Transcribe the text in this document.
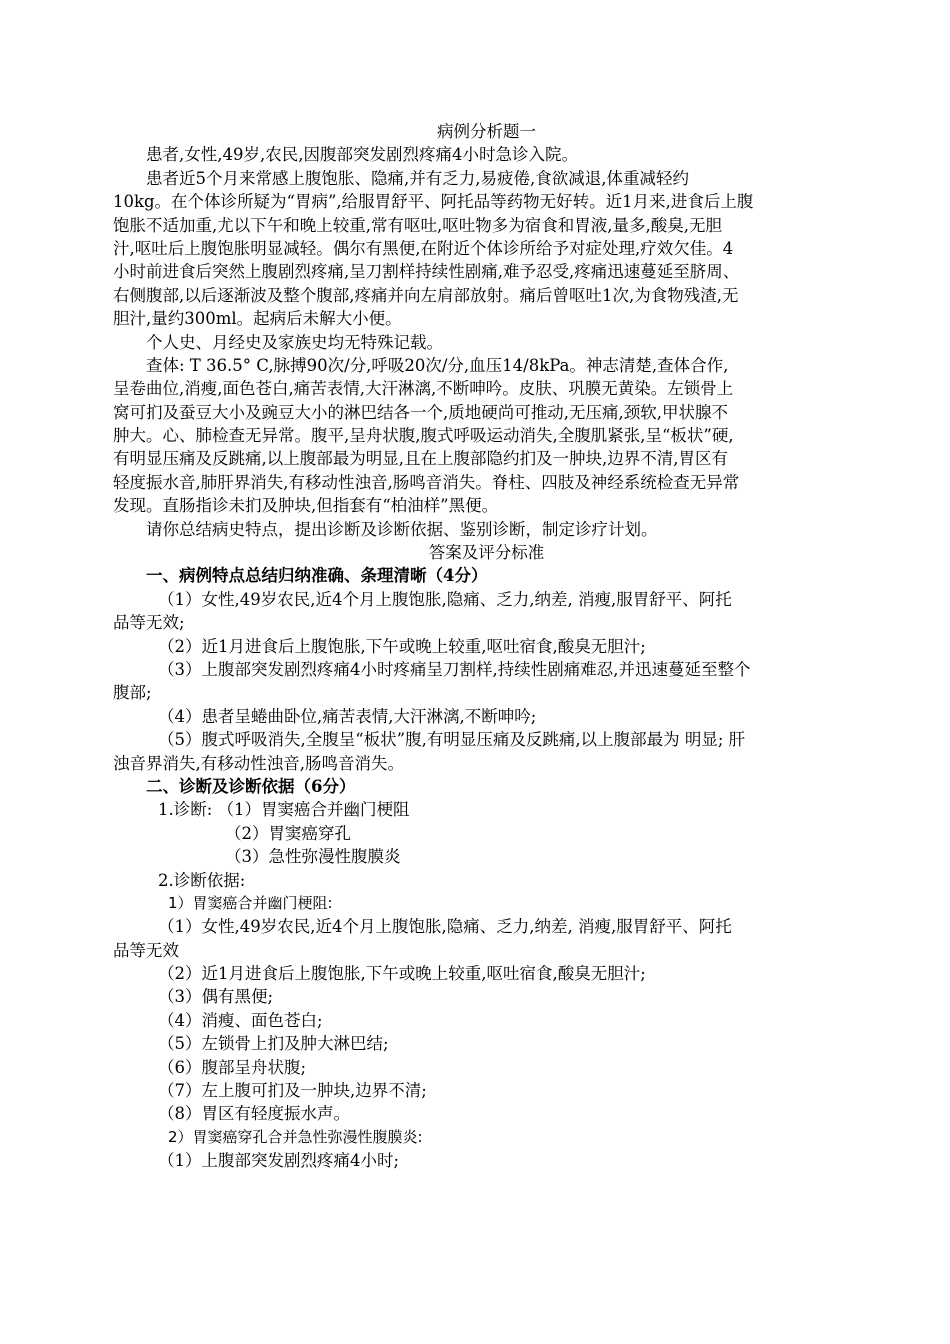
病例分析题一
患者,女性,49岁,农民,因腹部突发剧烈疼痛4小时急诊入院。
患者近5个月来常感上腹饱胀、隐痛,并有乏力,易疲倦,食欲减退,体重减轻约
10kg。在个体诊所疑为“胃病”,给服胃舒平、阿托品等药物无好转。近1月来,进食后上腹
饱胀不适加重,尤以下午和晚上较重,常有呕吐,呕吐物多为宿食和胃液,量多,酸臭,无胆
汁,呕吐后上腹饱胀明显减轻。偶尔有黑便,在附近个体诊所给予对症处理,疗效欠佳。4
小时前进食后突然上腹剧烈疼痛,呈刀割样持续性剧痛,难予忍受,疼痛迅速蔓延至脐周、
右侧腹部,以后逐渐波及整个腹部,疼痛并向左肩部放射。痛后曾呕吐1次,为食物残渣,无
胆汁,量约300ml。起病后未解大小便。
个人史、月经史及家族史均无特殊记载。
查体: T 36.5° C,脉搏90次/分,呼吸20次/分,血压14/8kPa。神志清楚,查体合作,
呈卷曲位,消瘦,面色苍白,痛苦表情,大汗淋漓,不断呻吟。皮肤、巩膜无黄染。左锁骨上
窝可扪及蚕豆大小及豌豆大小的淋巴结各一个,质地硬尚可推动,无压痛,颈软,甲状腺不
肿大。心、肺检查无异常。腹平,呈舟状腹,腹式呼吸运动消失,全腹肌紧张,呈“板状”硬,
有明显压痛及反跳痛,以上腹部最为明显,且在上腹部隐约扪及一肿块,边界不清,胃区有
轻度振水音,肺肝界消失,有移动性浊音,肠鸣音消失。脊柱、四肢及神经系统检查无异常
发现。直肠指诊未扪及肿块,但指套有“柏油样”黑便。
请你总结病史特点，提出诊断及诊断依据、鉴别诊断，制定诊疗计划。
答案及评分标准
一、病例特点总结归纳准确、条理清晰（4分）
（1）女性,49岁农民,近4个月上腹饱胀,隐痛、乏力,纳差, 消瘦,服胃舒平、阿托
品等无效;
（2）近1月进食后上腹饱胀,下午或晚上较重,呕吐宿食,酸臭无胆汁;
（3）上腹部突发剧烈疼痛4小时疼痛呈刀割样,持续性剧痛难忍,并迅速蔓延至整个
腹部;
（4）患者呈蜷曲卧位,痛苦表情,大汗淋漓,不断呻吟;
（5）腹式呼吸消失,全腹呈“板状”腹,有明显压痛及反跳痛,以上腹部最为 明显; 肝
浊音界消失,有移动性浊音,肠鸣音消失。
二、诊断及诊断依据（6分）
1.诊断: （1）胃窦癌合并幽门梗阻
（2）胃窦癌穿孔
（3）急性弥漫性腹膜炎
2.诊断依据:
1）胃窦癌合并幽门梗阻:
（1）女性,49岁农民,近4个月上腹饱胀,隐痛、乏力,纳差, 消瘦,服胃舒平、阿托
品等无效
（2）近1月进食后上腹饱胀,下午或晚上较重,呕吐宿食,酸臭无胆汁;
（3）偶有黑便;
（4）消瘦、面色苍白;
（5）左锁骨上扪及肿大淋巴结;
（6）腹部呈舟状腹;
（7）左上腹可扪及一肿块,边界不清;
（8）胃区有轻度振水声。
2）胃窦癌穿孔合并急性弥漫性腹膜炎:
（1）上腹部突发剧烈疼痛4小时;
